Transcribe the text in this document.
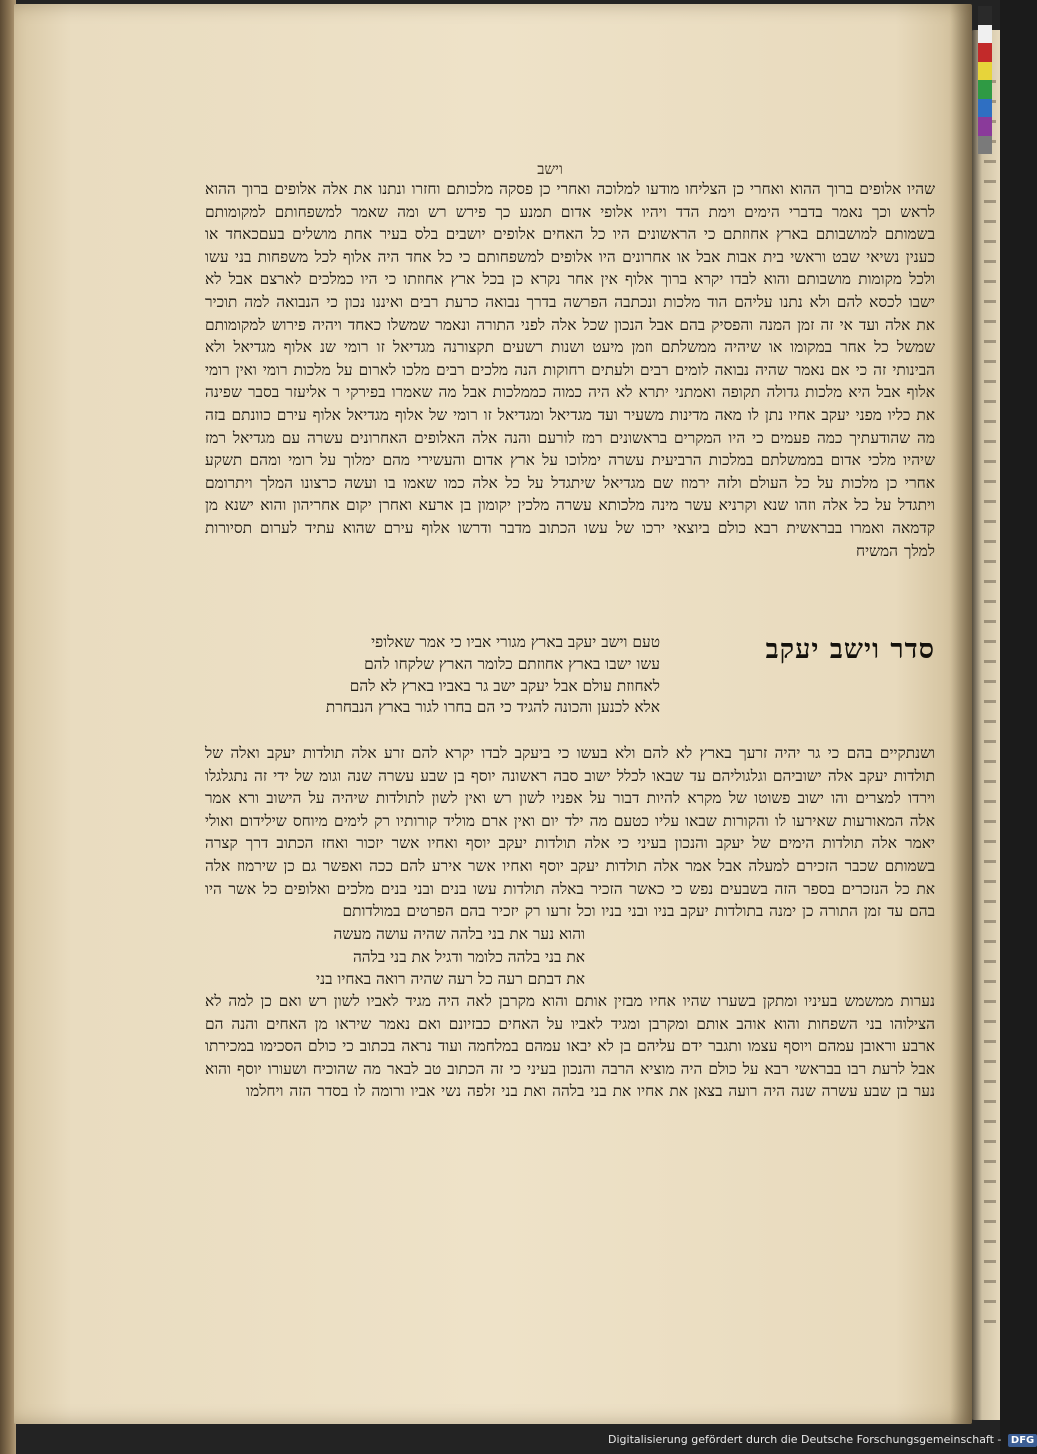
וישב
שהיו אלופים ברוך ההוא ואחרי כן הצליחו מודעו למלוכה ואחרי כן פסקה מלכותם וחזרו ונתנו את אלה אלופים ברוך ההוא לראש וכך נאמר בדברי הימים וימת הדד ויהיו אלופי אדום תמנע כך פירש רש ומה שאמר למשפחותם למקומותם בשמותם למושבותם בארץ אחוזתם כי הראשונים היו כל האחים אלופים יושבים בלס בעיר אחת מושלים בעםכאחד או כענין נשיאי שבט וראשי בית אבות אבל או אחרונים היו אלופים למשפחותם כי כל אחד היה אלוף לכל משפחות בני עשו ולכל מקומות מושבותם והוא לבדו יקרא ברוך אלוף אין אחר נקרא כן בכל ארץ אחוזתו כי היו כמלכים לארצם אבל לא ישבו לכסא להם ולא נתנו עליהם הוד מלכות ונכתבה הפרשה בדרך נבואה כרעת רבים ואיננו נכון כי הנבואה למה תוכיר את אלה ועד אי זה זמן המנה והפסיק בהם אבל הנכון שכל אלה לפני התורה ונאמר שמשלו כאחד ויהיה פירוש למקומותם שמשל כל אחר במקומו או שיהיה ממשלתם וזמן מיעט ושנות רשעים תקצורנה מגדיאל זו רומי שנ אלוף מגדיאל ולא הבינותי זה כי אם נאמר שהיה נבואה לומים רבים ולעתים רחוקות הנה מלכים רבים מלכו לארום על מלכות רומי ואין רומי אלוף אבל היא מלכות גדולה תקופה ואמתני יתרא לא היה כמוה כממלכות אבל מה שאמרו בפירקי ר אליעזר בסבר שפינה את כליו מפני יעקב אחיו נתן לו מאה מדינות משעיר ועד מגדיאל ומגדיאל זו רומי של אלוף מגדיאל אלוף עירם כוונתם בזה מה שהודעתיך כמה פעמים כי היו המקרים בראשונים רמז לורעם והנה אלה האלופים האחרונים עשרה עם מגדיאל רמז שיהיו מלכי אדום בממשלתם במלכות הרביעית עשרה ימלוכו על ארץ אדום והעשירי מהם ימלוך על רומי ומהם תשקע אחרי כן מלכות על כל העולם ולזה ירמוז שם מגדיאל שיתגדל על כל אלה כמו שאמו בו ועשה כרצונו המלך ויתרומם ויתגדל על כל אלה וזהו שנא וקרניא עשר מינה מלכותא עשרה מלכין יקומון בן ארעא ואחרן יקום אחריהון והוא ישנא מן קדמאה ואמרו בבראשית רבא כולם ביוצאי ירכו של עשו הכתוב מדבר ודרשו אלוף עירם שהוא עתיד לערום תסיורות למלך המשיח
סדר וישב יעקב
טעם וישב יעקב בארץ מגורי אביו כי אמר שאלופי
עשו ישבו בארץ אחוזתם כלומר הארץ שלקחו להם
לאחוזת עולם אבל יעקב ישב גר באביו בארץ לא להם
אלא לכנען והכונה להגיד כי הם בחרו לגור בארץ הנבחרת
ושנתקיים בהם כי גר יהיה זרעך בארץ לא להם ולא בעשו כי ביעקב לבדו יקרא להם זרע אלה תולדות יעקב ואלה של תולדות יעקב אלה ישוביהם וגלגוליהם עד שבאו לכלל ישוב סבה ראשונה יוסף בן שבע עשרה שנה וגומ של ידי זה נתגלגלו וירדו למצרים והו ישוב פשוטו של מקרא להיות דבור על אפניו לשון רש ואין לשון לתולדות שיהיה על הישוב ורא אמר אלה המאורעות שאירעו לו והקורות שבאו עליו כטעם מה ילד יום ואין ארם מוליד קורותיו רק לימים מיוחס שילידום ואולי יאמר אלה תולדות הימים של יעקב והנכון בעיני כי אלה תולדות יעקב יוסף ואחיו אשר יזכור ואחז הכתוב דרך קצרה בשמותם שכבר הזכירם למעלה אבל אמר אלה תולדות יעקב יוסף ואחיו אשר אירע להם ככה ואפשר גם כן שירמוז אלה את כל הנזכרים בספר הזה בשבעים נפש כי כאשר הזכיר באלה תולדות עשו בנים ובני בנים מלכים ואלופים כל אשר היו בהם עד זמן התורה כן ימנה בתולדות יעקב בניו ובני בניו וכל זרעו רק יזכיר בהם הפרטים במולדותם
והוא נער את בני בלהה שהיה עושה מעשה
את בני בלהה כלומר ודגיל את בני בלהה
את דבתם רעה כל רעה שהיה רואה באחיו בני
נערות ממשמש בעיניו ומתקן בשערו שהיו אחיו מבזין אותם והוא מקרבן לאה היה מגיד לאביו לשון רש ואם כן למה לא הצילוהו בני השפחות והוא אוהב אותם ומקרבן ומגיד לאביו על האחים כבזיונם ואם נאמר שיראו מן האחים והנה הם ארבע וראובן עמהם ויוסף עצמו ותגבר ידם עליהם בן לא יבאו עמהם במלחמה ועוד נראה בכתוב כי כולם הסכימו במכירתו אבל לרעת רבו בבראשי רבא על כולם היה מוציא הרבה והנכון בעיני כי זה הכתוב טב לבאר מה שהוכיח ושעורו יוסף והוא נער בן שבע עשרה שנה היה רועה בצאן את אחיו את בני בלהה ואת בני זלפה נשי אביו ורומה לו בסדר הזה ויחלמו
Digitalisierung gefördert durch die Deutsche Forschungsgemeinschaft - DFG
